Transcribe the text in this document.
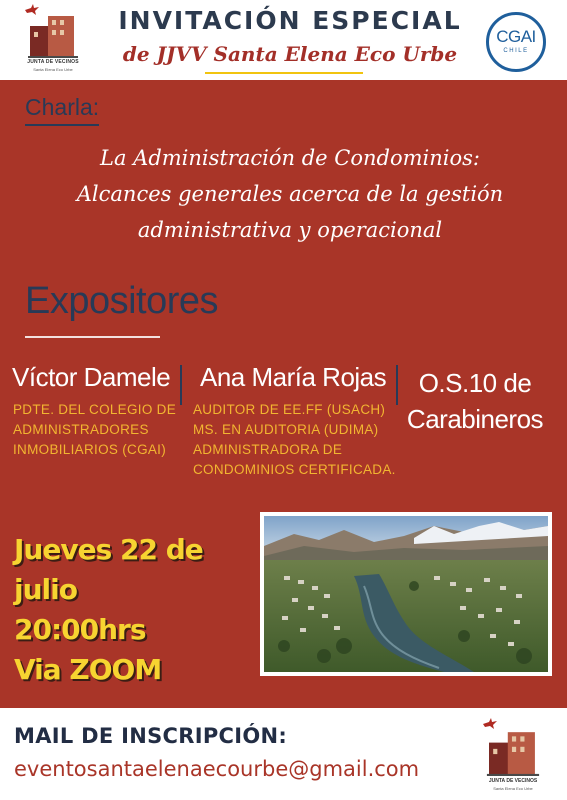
JUNTA DE VECINOS
Santa Elena Eco Urbe
INVITACIÓN ESPECIAL
de JJVV Santa Elena Eco Urbe
CGAI
CHILE
Charla:
La Administración de Condominios:
Alcances generales acerca de la gestión
administrativa y operacional
Expositores
Víctor Damele
PDTE. DEL COLEGIO DE
ADMINISTRADORES
INMOBILIARIOS (CGAI)
Ana María Rojas
AUDITOR DE EE.FF (USACH)
MS. EN AUDITORIA (UDIMA)
ADMINISTRADORA DE
CONDOMINIOS CERTIFICADA.
O.S.10 de
Carabineros
Jueves 22 de julio
20:00hrs
Via ZOOM
MAIL DE INSCRIPCIÓN:
eventosantaelenaecourbe@gmail.com	JUNTA DE VECINOS
Santa Elena Eco Urbe
